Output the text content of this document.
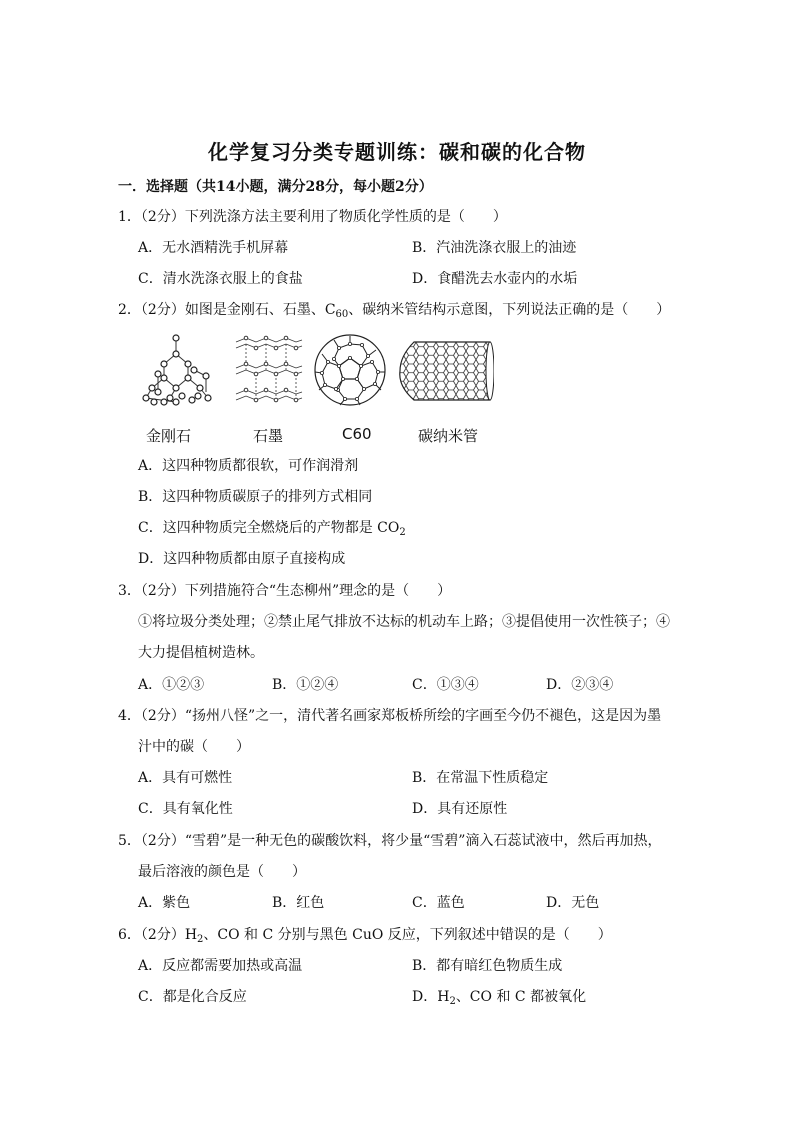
化学复习分类专题训练：碳和碳的化合物
一．选择题（共14小题，满分28分，每小题2分）
1．（2分）下列洗涤方法主要利用了物质化学性质的是（　　）
A．无水酒精洗手机屏幕	B．汽油洗涤衣服上的油迹
C．清水洗涤衣服上的食盐	D．食醋洗去水壶内的水垢
2．（2分）如图是金刚石、石墨、$C_{60}$、碳纳米管结构示意图，下列说法正确的是（　　）
金刚石	石墨	C60	碳纳米管
A．这四种物质都很软，可作润滑剂
B．这四种物质碳原子的排列方式相同
C．这四种物质完全燃烧后的产物都是 $CO_2$
D．这四种物质都由原子直接构成
3．（2分）下列措施符合“生态柳州”理念的是（　　）
①将垃圾分类处理；②禁止尾气排放不达标的机动车上路；③提倡使用一次性筷子；④
大力提倡植树造林。
A．①②③	B．①②④	C．①③④	D．②③④
4．（2分）“扬州八怪”之一，清代著名画家郑板桥所绘的字画至今仍不褪色，这是因为墨
汁中的碳（　　）
A．具有可燃性	B．在常温下性质稳定
C．具有氧化性	D．具有还原性
5．（2分）“雪碧”是一种无色的碳酸饮料，将少量“雪碧”滴入石蕊试液中，然后再加热，
最后溶液的颜色是（　　）
A．紫色	B．红色	C．蓝色	D．无色
6．（2分）$H_2$、CO 和 C 分别与黑色 CuO 反应，下列叙述中错误的是（　　）
A．反应都需要加热或高温	B．都有暗红色物质生成
C．都是化合反应	D．$H_2$、CO 和 C 都被氧化
